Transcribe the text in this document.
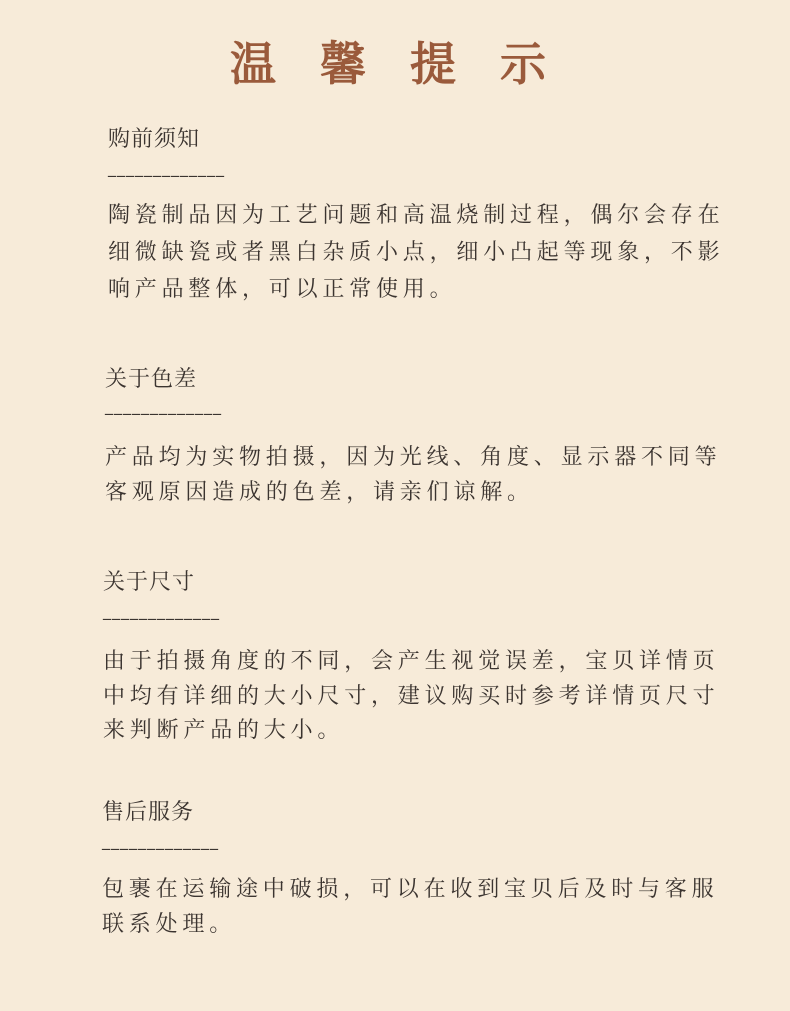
温 馨 提 示
购前须知
_____________
陶瓷制品因为工艺问题和高温烧制过程，偶尔会存在
细微缺瓷或者黑白杂质小点，细小凸起等现象，不影
响产品整体，可以正常使用。
关于色差
_____________
产品均为实物拍摄，因为光线、角度、显示器不同等
客观原因造成的色差，请亲们谅解。
关于尺寸
_____________
由于拍摄角度的不同，会产生视觉误差，宝贝详情页
中均有详细的大小尺寸，建议购买时参考详情页尺寸
来判断产品的大小。
售后服务
_____________
包裹在运输途中破损，可以在收到宝贝后及时与客服
联系处理。
